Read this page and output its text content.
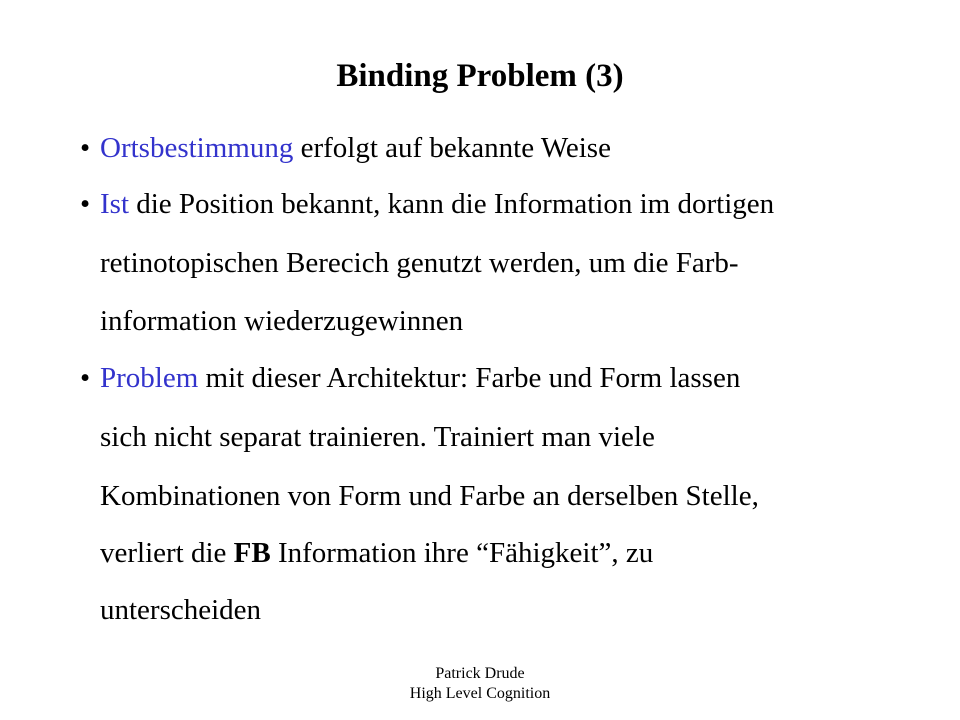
Binding Problem (3)
• Ortsbestimmung erfolgt auf bekannte Weise
• Ist die Position bekannt, kann die Information im dortigen
retinotopischen Berecich genutzt werden, um die Farb-
information wiederzugewinnen
• Problem mit dieser Architektur: Farbe und Form lassen
sich nicht separat trainieren. Trainiert man viele
Kombinationen von Form und Farbe an derselben Stelle,
verliert die FB Information ihre “Fähigkeit”, zu
unterscheiden
Patrick Drude
High Level Cognition
